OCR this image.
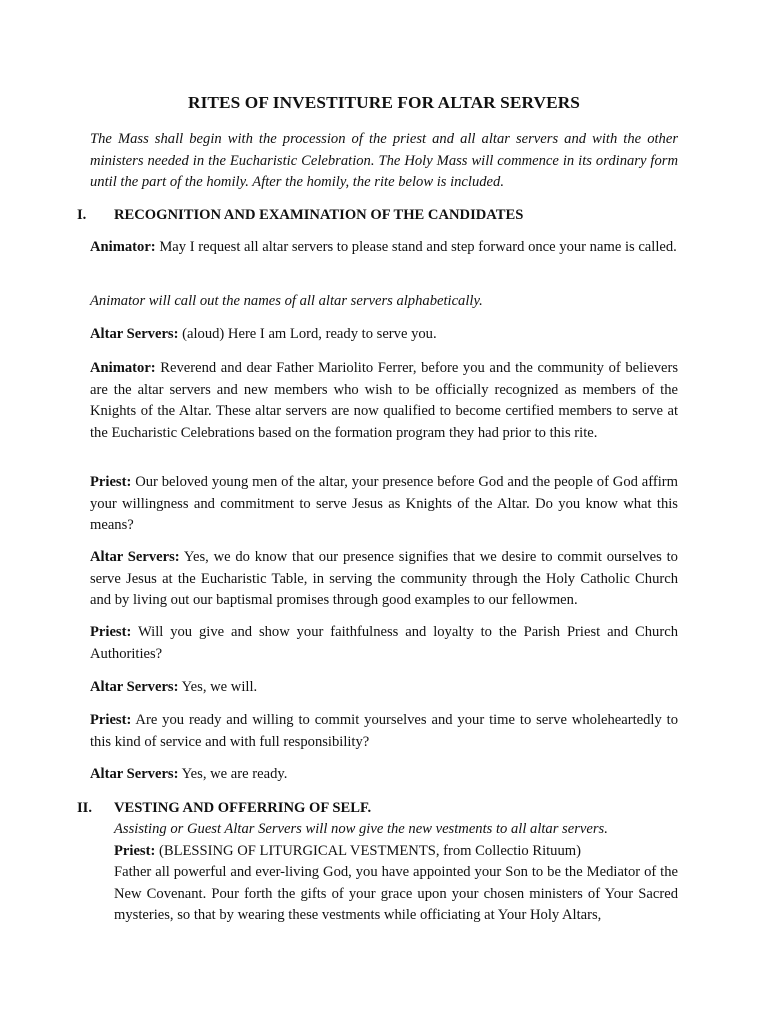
RITES OF INVESTITURE FOR ALTAR SERVERS

The Mass shall begin with the procession of the priest and all altar servers and with the other ministers needed in the Eucharistic Celebration. The Holy Mass will commence in its ordinary form until the part of the homily. After the homily, the rite below is included.

I. RECOGNITION AND EXAMINATION OF THE CANDIDATES

Animator: May I request all altar servers to please stand and step forward once your name is called.

Animator will call out the names of all altar servers alphabetically.

Altar Servers: (aloud) Here I am Lord, ready to serve you.

Animator: Reverend and dear Father Mariolito Ferrer, before you and the community of believers are the altar servers and new members who wish to be officially recognized as members of the Knights of the Altar. These altar servers are now qualified to become certified members to serve at the Eucharistic Celebrations based on the formation program they had prior to this rite.

Priest: Our beloved young men of the altar, your presence before God and the people of God affirm your willingness and commitment to serve Jesus as Knights of the Altar. Do you know what this means?

Altar Servers: Yes, we do know that our presence signifies that we desire to commit ourselves to serve Jesus at the Eucharistic Table, in serving the community through the Holy Catholic Church and by living out our baptismal promises through good examples to our fellowmen.

Priest: Will you give and show your faithfulness and loyalty to the Parish Priest and Church Authorities?

Altar Servers: Yes, we will.

Priest: Are you ready and willing to commit yourselves and your time to serve wholeheartedly to this kind of service and with full responsibility?

Altar Servers: Yes, we are ready.

II. VESTING AND OFFERRING OF SELF.

Assisting or Guest Altar Servers will now give the new vestments to all altar servers.

Priest: (BLESSING OF LITURGICAL VESTMENTS, from Collectio Rituum)

Father all powerful and ever-living God, you have appointed your Son to be the Mediator of the New Covenant. Pour forth the gifts of your grace upon your chosen ministers of Your Sacred mysteries, so that by wearing these vestments while officiating at Your Holy Altars,
